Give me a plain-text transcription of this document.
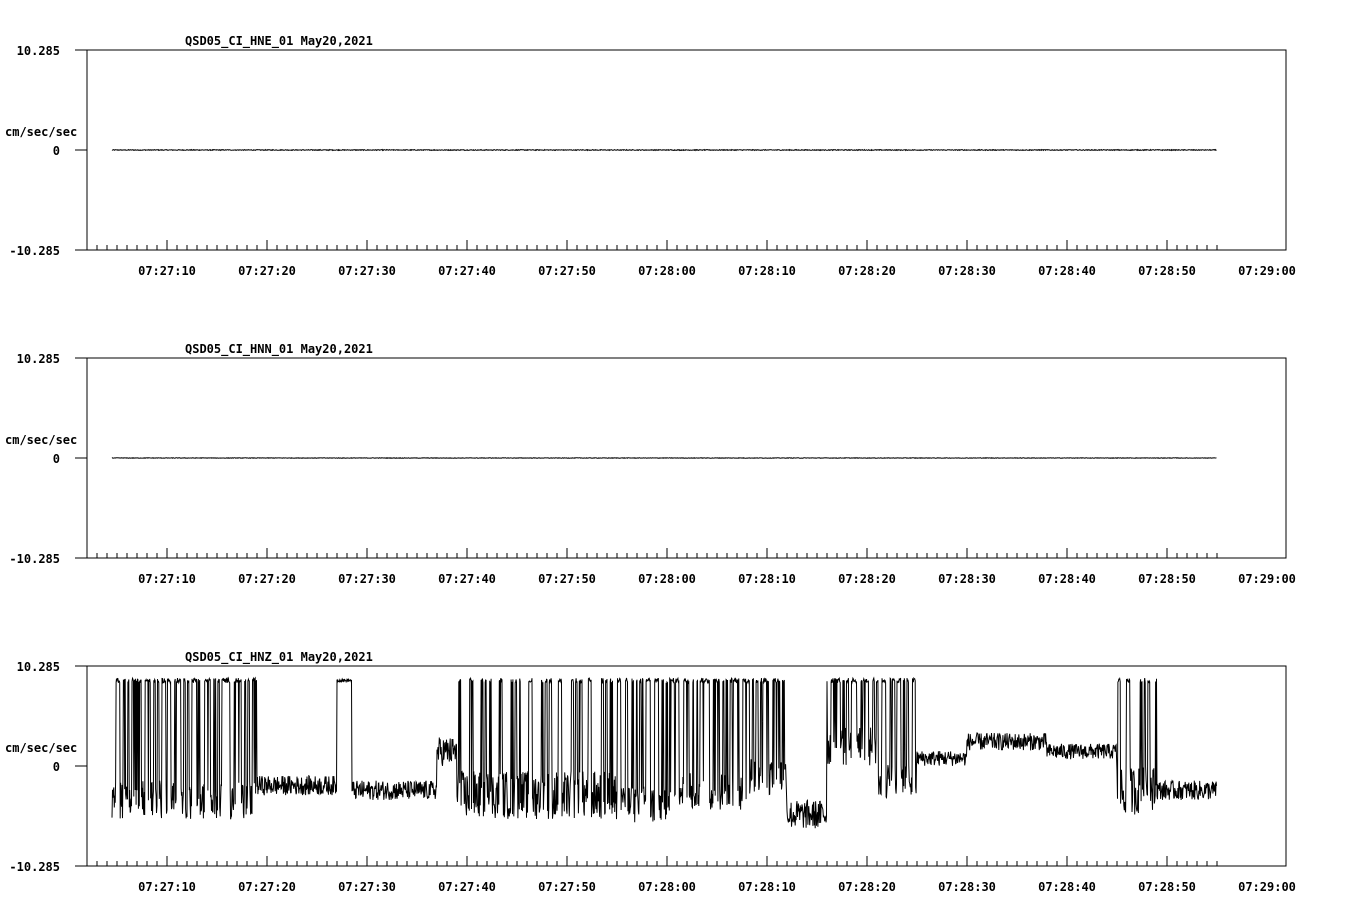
QSD05_CI_HNE_01 May20,2021
cm/sec/sec
10.285
0
-10.285
07:27:10	07:27:20	07:27:30	07:27:40	07:27:50	07:28:00	07:28:10	07:28:20	07:28:30	07:28:40	07:28:50	07:29:00
QSD05_CI_HNN_01 May20,2021
cm/sec/sec
10.285
0
-10.285
07:27:10	07:27:20	07:27:30	07:27:40	07:27:50	07:28:00	07:28:10	07:28:20	07:28:30	07:28:40	07:28:50	07:29:00
QSD05_CI_HNZ_01 May20,2021
cm/sec/sec
10.285
0
-10.285
07:27:10	07:27:20	07:27:30	07:27:40	07:27:50	07:28:00	07:28:10	07:28:20	07:28:30	07:28:40	07:28:50	07:29:00
